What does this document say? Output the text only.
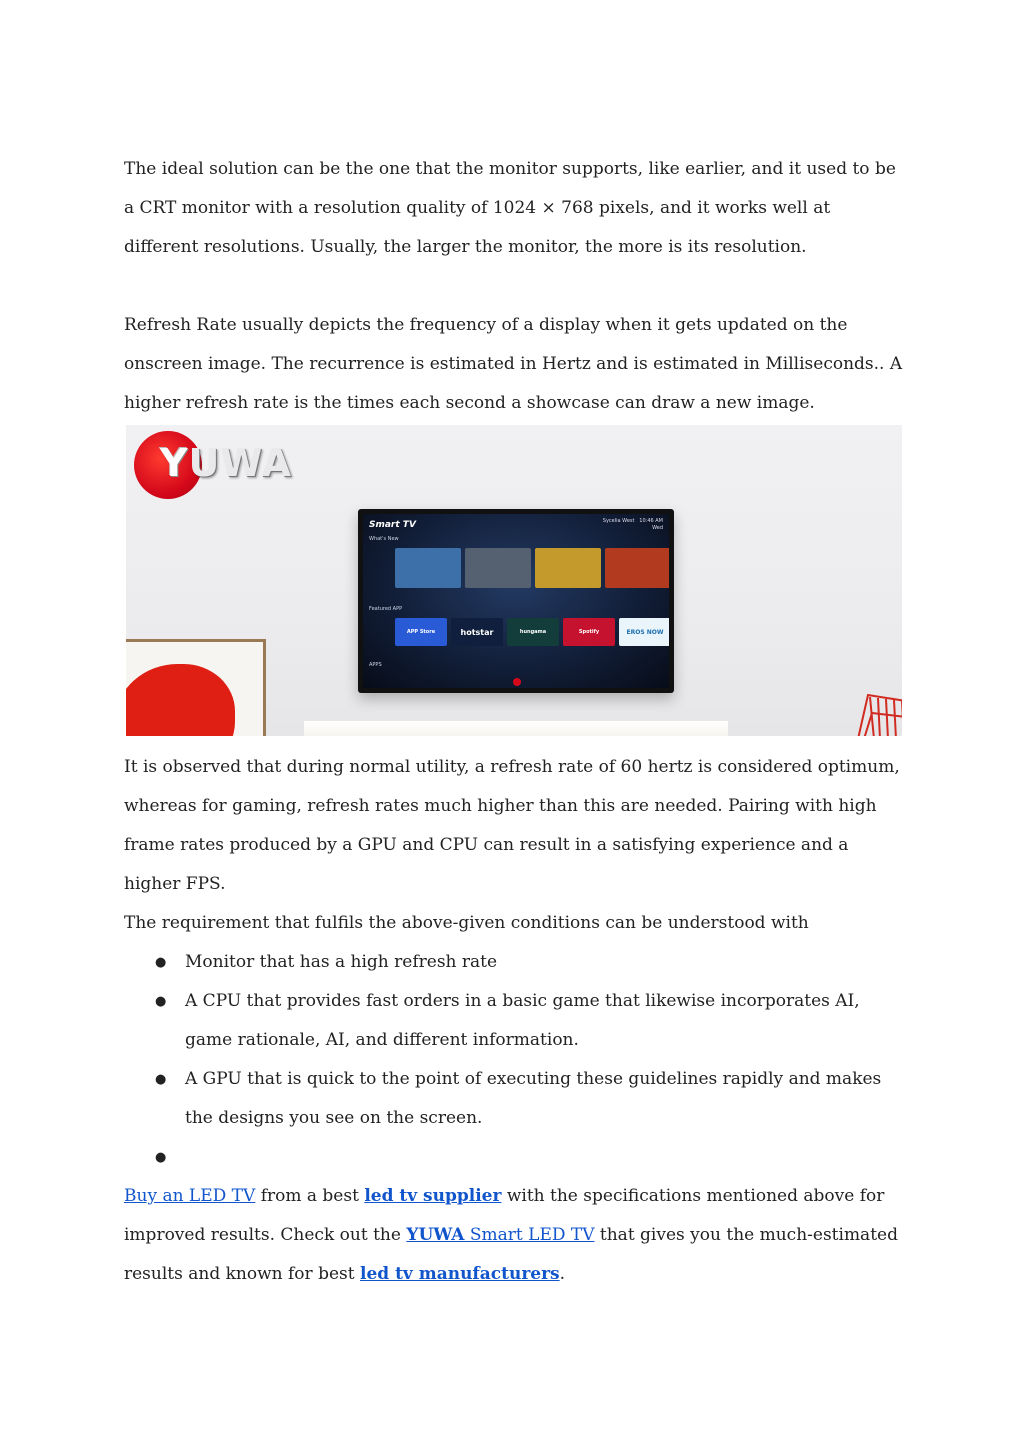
The ideal solution can be the one that the monitor supports, like earlier, and it used to be a CRT monitor with a resolution quality of 1024 × 768 pixels, and it works well at different resolutions. Usually, the larger the monitor, the more is its resolution.

Refresh Rate usually depicts the frequency of a display when it gets updated on the onscreen image. The recurrence is estimated in Hertz and is estimated in Milliseconds.. A higher refresh rate is the times each second a showcase can draw a new image.

YUWA
Smart TV	Sycelia West 10:46 AM
Wed
What's New
Featured APP
APP Store	hotstar	hungama	Spotify	EROS NOW
APPS

It is observed that during normal utility, a refresh rate of 60 hertz is considered optimum, whereas for gaming, refresh rates much higher than this are needed. Pairing with high frame rates produced by a GPU and CPU can result in a satisfying experience and a higher FPS.

The requirement that fulfils the above-given conditions can be understood with

● Monitor that has a high refresh rate
● A CPU that provides fast orders in a basic game that likewise incorporates AI, game rationale, AI, and different information.
● A GPU that is quick to the point of executing these guidelines rapidly and makes the designs you see on the screen.
●

Buy an LED TV from a best led tv supplier with the specifications mentioned above for improved results. Check out the YUWA Smart LED TV that gives you the much-estimated results and known for best led tv manufacturers.
